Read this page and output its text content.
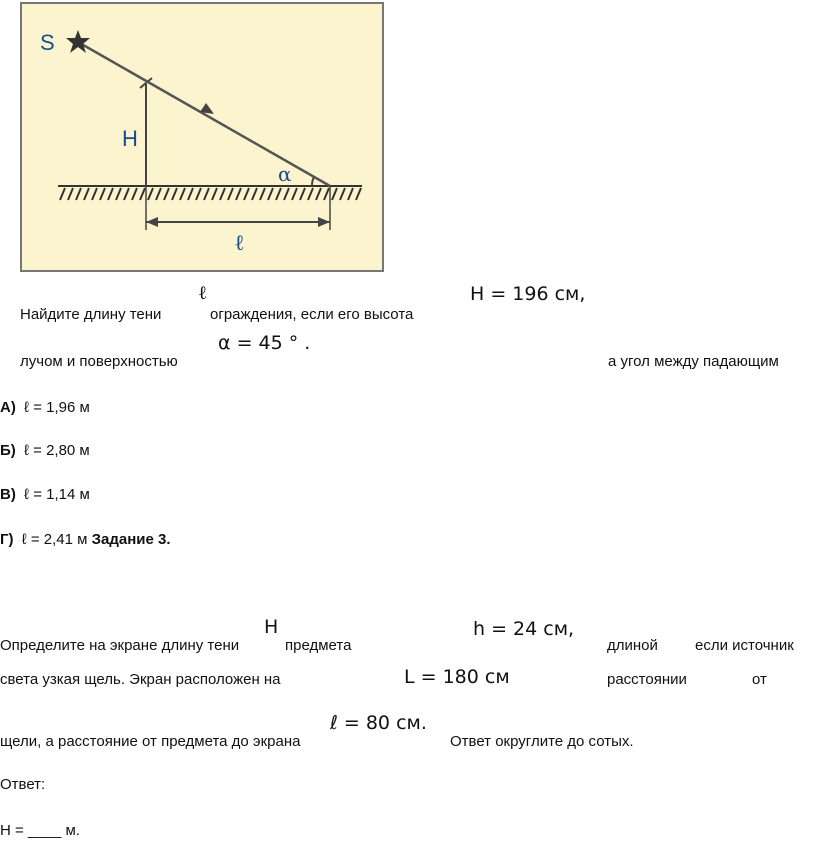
S
H
α
ℓ
ℓ	H = 196 см,
Найдите длину тени	ограждения, если его высота
α = 45 ° .
лучом и поверхностью	а угол между падающим
А) ℓ = 1,96 м
Б) ℓ = 2,80 м
В) ℓ = 1,14 м
Г) ℓ = 2,41 м Задание 3.
H	h = 24 см,
Определите на экране длину тени	предмета	длиной если источник
L = 180 см
света узкая щель. Экран расположен на	расстоянии	от
ℓ = 80 см.
щели, а расстояние от предмета до экрана	Ответ округлите до сотых.
Ответ:
H = ____ м.
